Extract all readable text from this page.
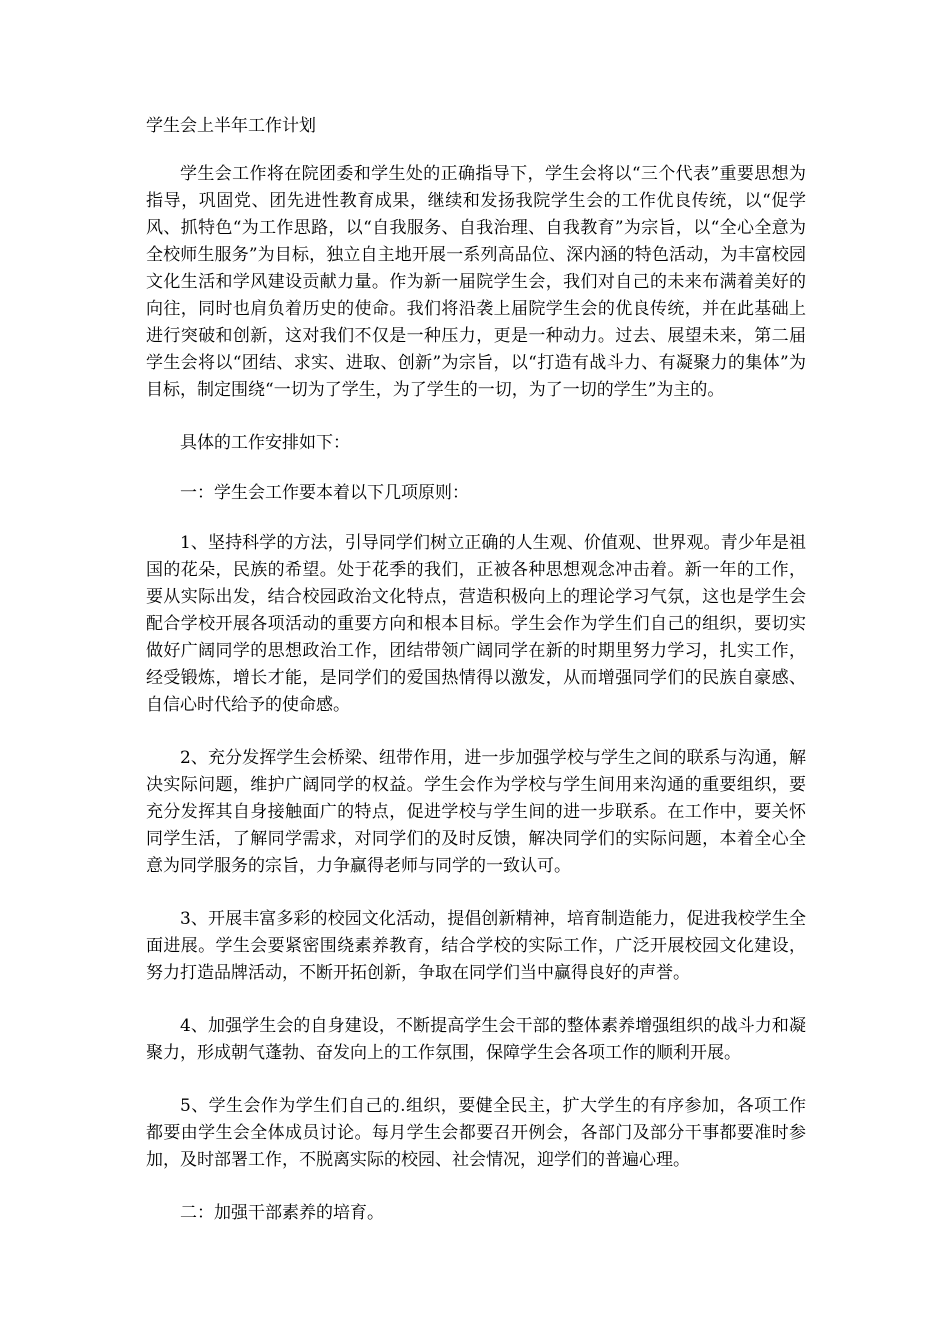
学生会上半年工作计划

学生会工作将在院团委和学生处的正确指导下，学生会将以“三个代表”重要思想为指导，巩固党、团先进性教育成果，继续和发扬我院学生会的工作优良传统，以“促学风、抓特色“为工作思路，以“自我服务、自我治理、自我教育”为宗旨，以“全心全意为全校师生服务”为目标，独立自主地开展一系列高品位、深内涵的特色活动，为丰富校园文化生活和学风建设贡献力量。作为新一届院学生会，我们对自己的未来布满着美好的向往，同时也肩负着历史的使命。我们将沿袭上届院学生会的优良传统，并在此基础上进行突破和创新，这对我们不仅是一种压力，更是一种动力。过去、展望未来，第二届学生会将以“团结、求实、进取、创新”为宗旨，以“打造有战斗力、有凝聚力的集体”为目标，制定围绕“一切为了学生，为了学生的一切，为了一切的学生”为主的。

具体的工作安排如下：

一：学生会工作要本着以下几项原则：

1、坚持科学的方法，引导同学们树立正确的人生观、价值观、世界观。青少年是祖国的花朵，民族的希望。处于花季的我们，正被各种思想观念冲击着。新一年的工作，要从实际出发，结合校园政治文化特点，营造积极向上的理论学习气氛，这也是学生会配合学校开展各项活动的重要方向和根本目标。学生会作为学生们自己的组织，要切实做好广阔同学的思想政治工作，团结带领广阔同学在新的时期里努力学习，扎实工作，经受锻炼，增长才能，是同学们的爱国热情得以激发，从而增强同学们的民族自豪感、自信心时代给予的使命感。

2、充分发挥学生会桥梁、纽带作用，进一步加强学校与学生之间的联系与沟通，解决实际问题，维护广阔同学的权益。学生会作为学校与学生间用来沟通的重要组织，要充分发挥其自身接触面广的特点，促进学校与学生间的进一步联系。在工作中，要关怀同学生活，了解同学需求，对同学们的及时反馈，解决同学们的实际问题，本着全心全意为同学服务的宗旨，力争赢得老师与同学的一致认可。

3、开展丰富多彩的校园文化活动，提倡创新精神，培育制造能力，促进我校学生全面进展。学生会要紧密围绕素养教育，结合学校的实际工作，广泛开展校园文化建设，努力打造品牌活动，不断开拓创新，争取在同学们当中赢得良好的声誉。

4、加强学生会的自身建设，不断提高学生会干部的整体素养增强组织的战斗力和凝聚力，形成朝气蓬勃、奋发向上的工作氛围，保障学生会各项工作的顺利开展。

5、学生会作为学生们自己的.组织，要健全民主，扩大学生的有序参加，各项工作都要由学生会全体成员讨论。每月学生会都要召开例会，各部门及部分干事都要准时参加，及时部署工作，不脱离实际的校园、社会情况，迎学们的普遍心理。

二：加强干部素养的培育。
